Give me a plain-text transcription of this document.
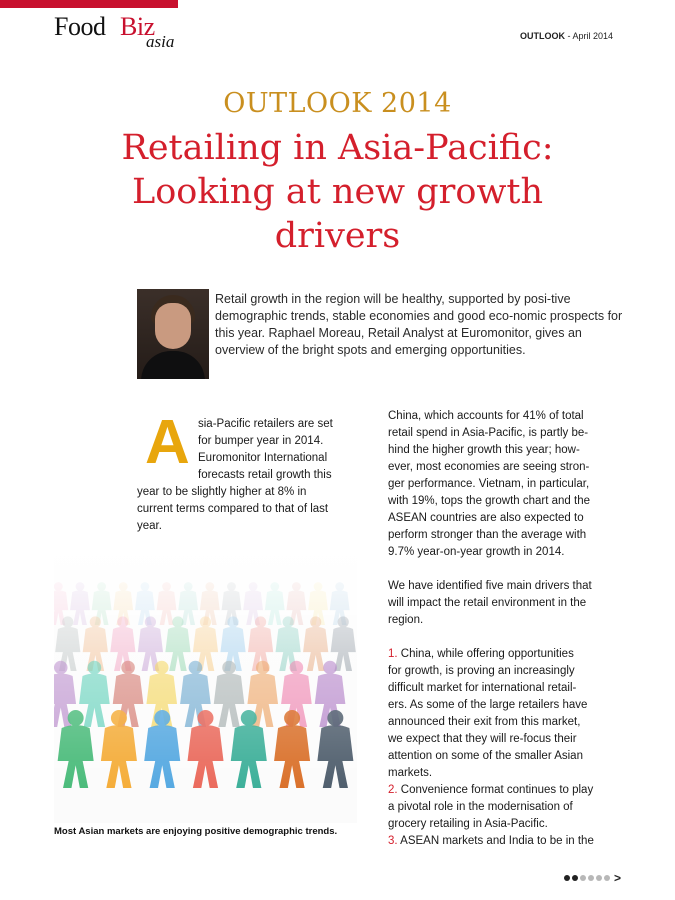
Food Biz
asia	OUTLOOK - April 2014
OUTLOOK 2014
Retailing in Asia-Pacific: Looking at new growth drivers
Retail growth in the region will be healthy, supported by posi-tive demographic trends, stable economies and good eco-nomic prospects for this year. Raphael Moreau, Retail Analyst at Euromonitor, gives an overview of the bright spots and emerging opportunities.
A sia-Pacific retailers are set
for bumper year in 2014.
Euromonitor International
forecasts retail growth this
year to be slightly higher at 8% in
current terms compared to that of last
year.
Most Asian markets are enjoying positive demographic trends.
China, which accounts for 41% of total
retail spend in Asia-Pacific, is partly be-
hind the higher growth this year; how-
ever, most economies are seeing stron-
ger performance. Vietnam, in particular,
with 19%, tops the growth chart and the
ASEAN countries are also expected to
perform stronger than the average with
9.7% year-on-year growth in 2014.
We have identified five main drivers that
will impact the retail environment in the
region.
1. China, while offering opportunities
for growth, is proving an increasingly
difficult market for international retail-
ers. As some of the large retailers have
announced their exit from this market,
we expect that they will re-focus their
attention on some of the smaller Asian
markets.
2. Convenience format continues to play
a pivotal role in the modernisation of
grocery retailing in Asia-Pacific.
3. ASEAN markets and India to be in the
>
